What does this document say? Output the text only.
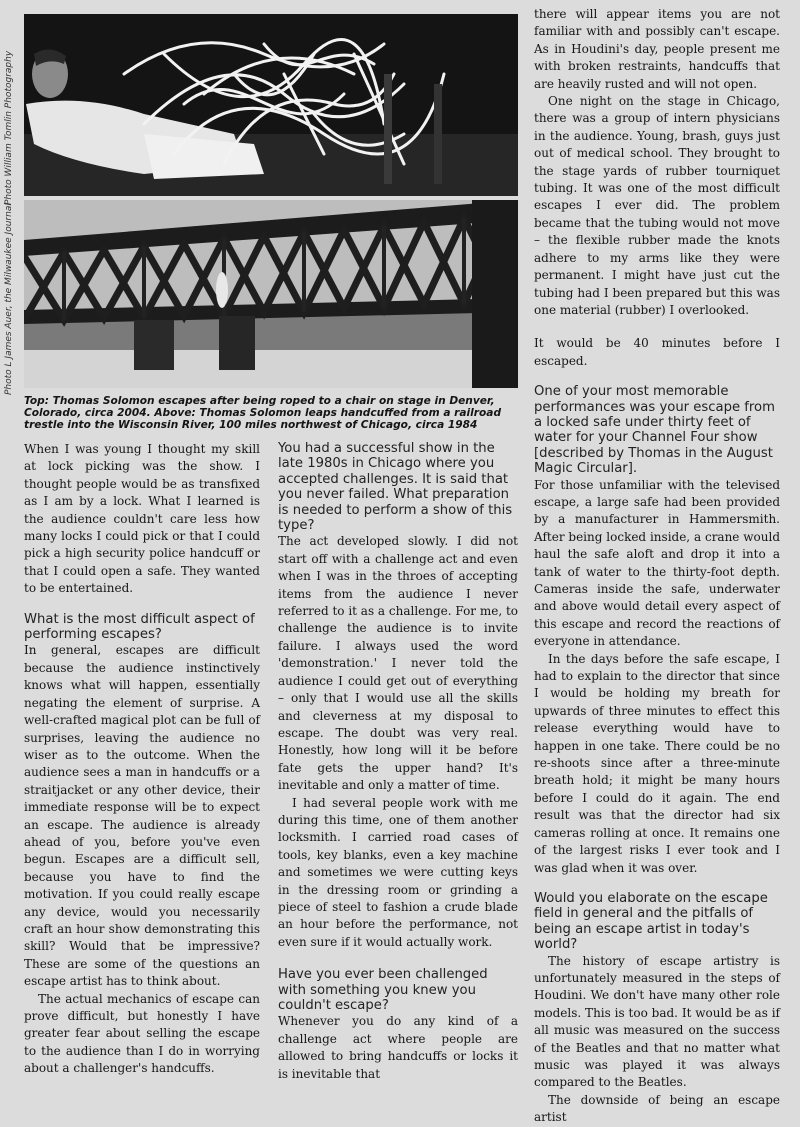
Photo William Tomlin Photography
Photo L James Auer, the Milwaukee Journal
Top: Thomas Solomon escapes after being roped to a chair on stage in Denver, Colorado, circa 2004. Above: Thomas Solomon leaps handcuffed from a railroad trestle into the Wisconsin River, 100 miles northwest of Chicago, circa 1984

When I was young I thought my skill at lock picking was the show. I thought people would be as transfixed as I am by a lock. What I learned is the audience couldn't care less how many locks I could pick or that I could pick a high security police handcuff or that I could open a safe. They wanted to be entertained.

What is the most difficult aspect of performing escapes?

In general, escapes are difficult because the audience instinctively knows what will happen, essentially negating the element of surprise. A well-crafted magical plot can be full of surprises, leaving the audience no wiser as to the outcome. When the audience sees a man in handcuffs or a straitjacket or any other device, their immediate response will be to expect an escape. The audience is already ahead of you, before you've even begun. Escapes are a difficult sell, because you have to find the motivation. If you could really escape any device, would you necessarily craft an hour show demonstrating this skill? Would that be impressive? These are some of the questions an escape artist has to think about.

The actual mechanics of escape can prove difficult, but honestly I have greater fear about selling the escape to the audience than I do in worrying about a challenger's handcuffs.

You had a successful show in the late 1980s in Chicago where you accepted challenges. It is said that you never failed. What preparation is needed to perform a show of this type?

The act developed slowly. I did not start off with a challenge act and even when I was in the throes of accepting items from the audience I never referred to it as a challenge. For me, to challenge the audience is to invite failure. I always used the word 'demonstration.' I never told the audience I could get out of everything – only that I would use all the skills and cleverness at my disposal to escape. The doubt was very real. Honestly, how long will it be before fate gets the upper hand? It's inevitable and only a matter of time.

I had several people work with me during this time, one of them another locksmith. I carried road cases of tools, key blanks, even a key machine and sometimes we were cutting keys in the dressing room or grinding a piece of steel to fashion a crude blade an hour before the performance, not even sure if it would actually work.

Have you ever been challenged with something you knew you couldn't escape?

Whenever you do any kind of a challenge act where people are allowed to bring handcuffs or locks it is inevitable that

there will appear items you are not familiar with and possibly can't escape. As in Houdini's day, people present me with broken restraints, handcuffs that are heavily rusted and will not open.

One night on the stage in Chicago, there was a group of intern physicians in the audience. Young, brash, guys just out of medical school. They brought to the stage yards of rubber tourniquet tubing. It was one of the most difficult escapes I ever did. The problem became that the tubing would not move – the flexible rubber made the knots adhere to my arms like they were permanent. I might have just cut the tubing had I been prepared but this was one material (rubber) I overlooked.

It would be 40 minutes before I escaped.

One of your most memorable performances was your escape from a locked safe under thirty feet of water for your Channel Four show [described by Thomas in the August Magic Circular].

For those unfamiliar with the televised escape, a large safe had been provided by a manufacturer in Hammersmith. After being locked inside, a crane would haul the safe aloft and drop it into a tank of water to the thirty-foot depth. Cameras inside the safe, underwater and above would detail every aspect of this escape and record the reactions of everyone in attendance.

In the days before the safe escape, I had to explain to the director that since I would be holding my breath for upwards of three minutes to effect this release everything would have to happen in one take. There could be no re-shoots since after a three-minute breath hold; it might be many hours before I could do it again. The end result was that the director had six cameras rolling at once. It remains one of the largest risks I ever took and I was glad when it was over.

Would you elaborate on the escape field in general and the pitfalls of being an escape artist in today's world?

The history of escape artistry is unfortunately measured in the steps of Houdini. We don't have many other role models. This is too bad. It would be as if all music was measured on the success of the Beatles and that no matter what music was played it was always compared to the Beatles.

The downside of being an escape artist
